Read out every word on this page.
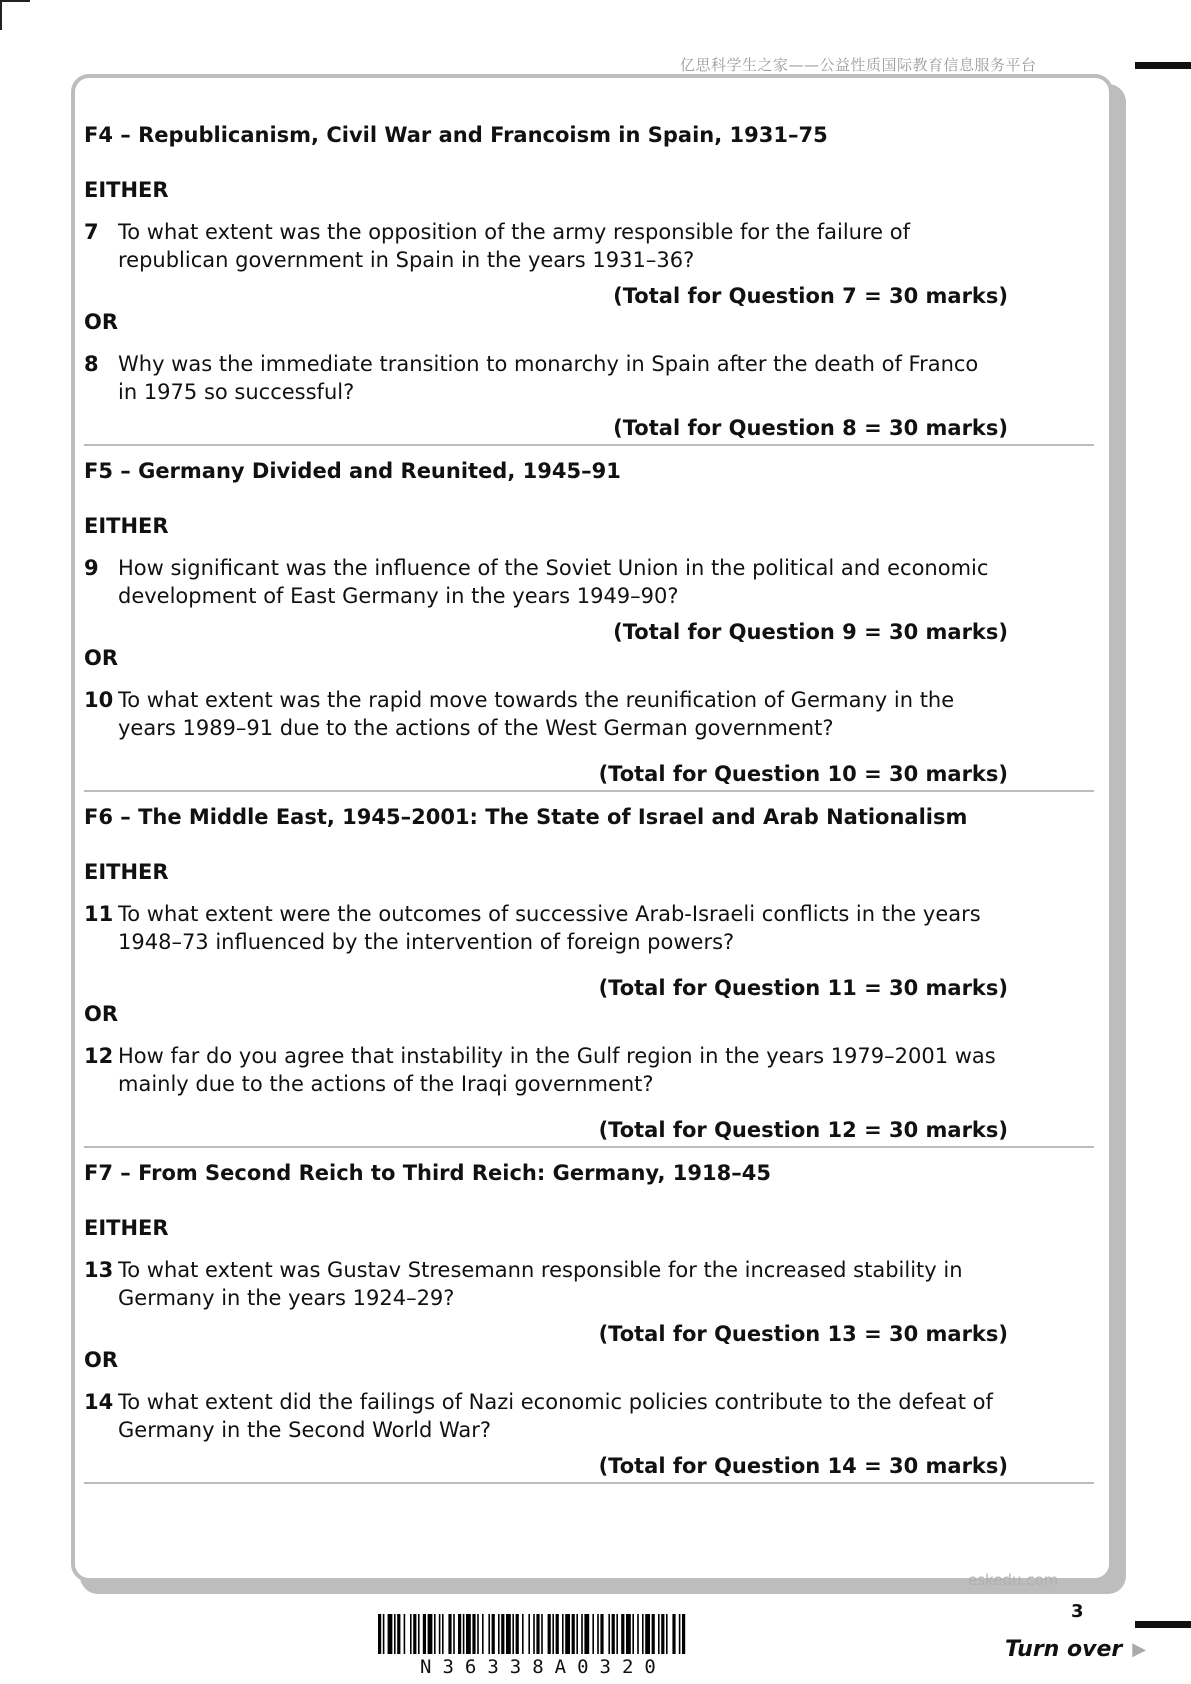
亿思科学生之家——公益性质国际教育信息服务平台
F4 – Republicanism, Civil War and Francoism in Spain, 1931–75
EITHER
7 To what extent was the opposition of the army responsible for the failure of republican government in Spain in the years 1931–36?
(Total for Question 7 = 30 marks)
OR
8 Why was the immediate transition to monarchy in Spain after the death of Franco in 1975 so successful?
(Total for Question 8 = 30 marks)
F5 – Germany Divided and Reunited, 1945–91
EITHER
9 How significant was the influence of the Soviet Union in the political and economic development of East Germany in the years 1949–90?
(Total for Question 9 = 30 marks)
OR
10 To what extent was the rapid move towards the reunification of Germany in the years 1989–91 due to the actions of the West German government?
(Total for Question 10 = 30 marks)
F6 – The Middle East, 1945–2001: The State of Israel and Arab Nationalism
EITHER
11 To what extent were the outcomes of successive Arab-Israeli conflicts in the years 1948–73 influenced by the intervention of foreign powers?
(Total for Question 11 = 30 marks)
OR
12 How far do you agree that instability in the Gulf region in the years 1979–2001 was mainly due to the actions of the Iraqi government?
(Total for Question 12 = 30 marks)
F7 – From Second Reich to Third Reich: Germany, 1918–45
EITHER
13 To what extent was Gustav Stresemann responsible for the increased stability in Germany in the years 1924–29?
(Total for Question 13 = 30 marks)
OR
14 To what extent did the failings of Nazi economic policies contribute to the defeat of Germany in the Second World War?
(Total for Question 14 = 30 marks)
eskedu.com
3
N36338A0320
Turn over ▶
